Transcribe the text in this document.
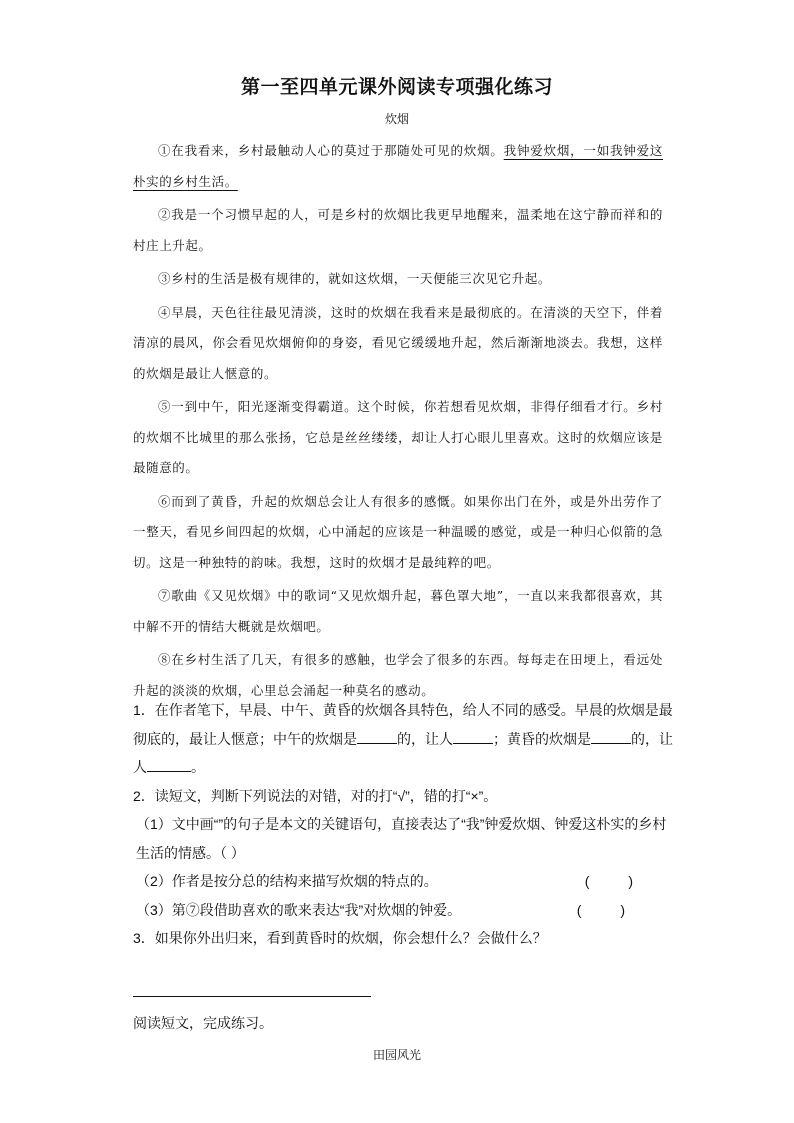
第一至四单元课外阅读专项强化练习
炊烟

①在我看来，乡村最触动人心的莫过于那随处可见的炊烟。我钟爱炊烟，一如我钟爱这朴实的乡村生活。

②我是一个习惯早起的人，可是乡村的炊烟比我更早地醒来，温柔地在这宁静而祥和的村庄上升起。

③乡村的生活是极有规律的，就如这炊烟，一天便能三次见它升起。

④早晨，天色往往最见清淡，这时的炊烟在我看来是最彻底的。在清淡的天空下，伴着清凉的晨风，你会看见炊烟俯仰的身姿，看见它缓缓地升起，然后渐渐地淡去。我想，这样的炊烟是最让人惬意的。

⑤一到中午，阳光逐渐变得霸道。这个时候，你若想看见炊烟，非得仔细看才行。乡村的炊烟不比城里的那么张扬，它总是丝丝缕缕，却让人打心眼儿里喜欢。这时的炊烟应该是最随意的。

⑥而到了黄昏，升起的炊烟总会让人有很多的感慨。如果你出门在外，或是外出劳作了一整天，看见乡间四起的炊烟，心中涌起的应该是一种温暖的感觉，或是一种归心似箭的急切。这是一种独特的韵味。我想，这时的炊烟才是最纯粹的吧。

⑦歌曲《又见炊烟》中的歌词“又见炊烟升起，暮色罩大地”，一直以来我都很喜欢，其中解不开的情结大概就是炊烟吧。

⑧在乡村生活了几天，有很多的感触，也学会了很多的东西。每每走在田埂上，看远处升起的淡淡的炊烟，心里总会涌起一种莫名的感动。

1．在作者笔下，早晨、中午、黄昏的炊烟各具特色，给人不同的感受。早晨的炊烟是最彻底的，最让人惬意；中午的炊烟是	的，让人	；黄昏的炊烟是	的，让人	。

2．读短文，判断下列说法的对错，对的打“√”，错的打“×”。

（1）文中画“”的句子是本文的关键语句，直接表达了“我”钟爱炊烟、钟爱这朴实的乡村生活的情感。（ ）

（2）作者是按分总的结构来描写炊烟的特点的。	(          )

（3）第⑦段借助喜欢的歌来表达“我”对炊烟的钟爱。	(          )

3．如果你外出归来，看到黄昏时的炊烟，你会想什么？会做什么？

阅读短文，完成练习。
田园风光
